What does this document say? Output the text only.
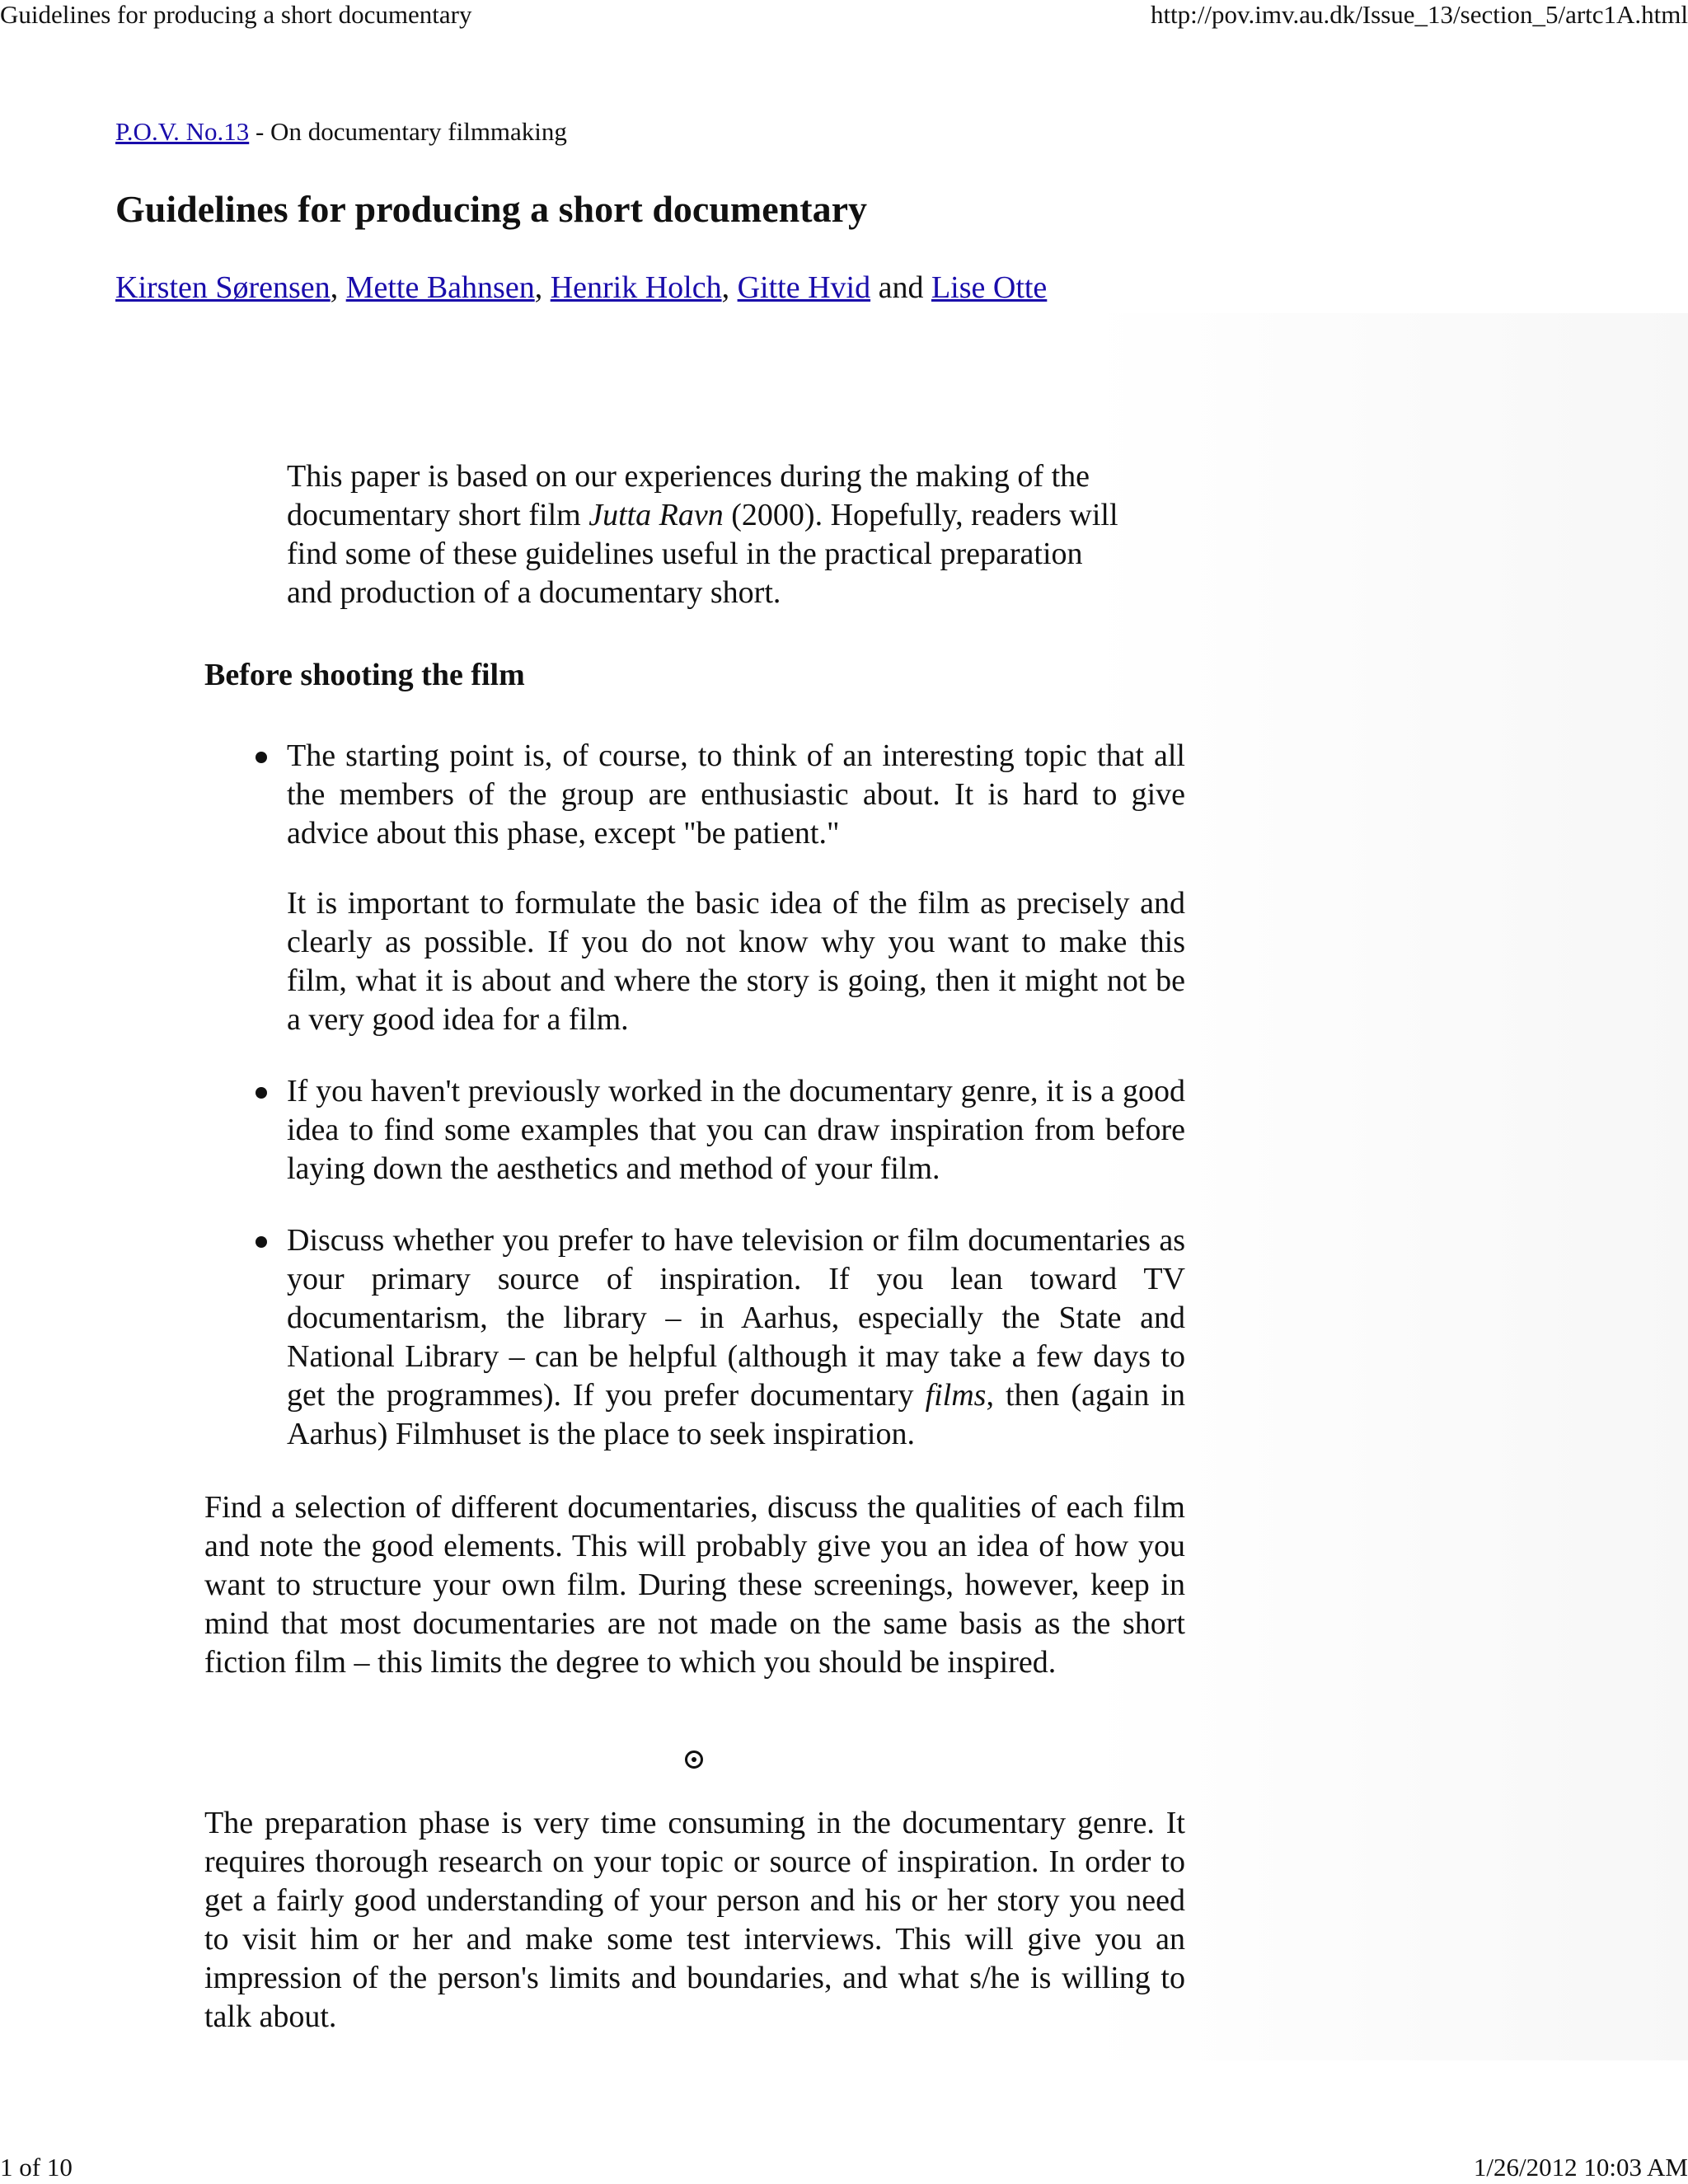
Guidelines for producing a short documentary	http://pov.imv.au.dk/Issue_13/section_5/artc1A.html
P.O.V. No.13 - On documentary filmmaking
Guidelines for producing a short documentary
Kirsten Sørensen, Mette Bahnsen, Henrik Holch, Gitte Hvid and Lise Otte
This paper is based on our experiences during the making of the documentary short film Jutta Ravn (2000). Hopefully, readers will find some of these guidelines useful in the practical preparation and production of a documentary short.
Before shooting the film

The starting point is, of course, to think of an interesting topic that all the members of the group are enthusiastic about. It is hard to give advice about this phase, except "be patient."

It is important to formulate the basic idea of the film as precisely and clearly as possible. If you do not know why you want to make this film, what it is about and where the story is going, then it might not be a very good idea for a film.

If you haven't previously worked in the documentary genre, it is a good idea to find some examples that you can draw inspiration from before laying down the aesthetics and method of your film.

Discuss whether you prefer to have television or film documentaries as your primary source of inspiration. If you lean toward TV documentarism, the library – in Aarhus, especially the State and National Library – can be helpful (although it may take a few days to get the programmes). If you prefer documentary films, then (again in Aarhus) Filmhuset is the place to seek inspiration.

Find a selection of different documentaries, discuss the qualities of each film and note the good elements. This will probably give you an idea of how you want to structure your own film. During these screenings, however, keep in mind that most documentaries are not made on the same basis as the short fiction film – this limits the degree to which you should be inspired.

The preparation phase is very time consuming in the documentary genre. It requires thorough research on your topic or source of inspiration. In order to get a fairly good understanding of your person and his or her story you need to visit him or her and make some test interviews. This will give you an impression of the person's limits and boundaries, and what s/he is willing to talk about.

1 of 10	1/26/2012 10:03 AM
